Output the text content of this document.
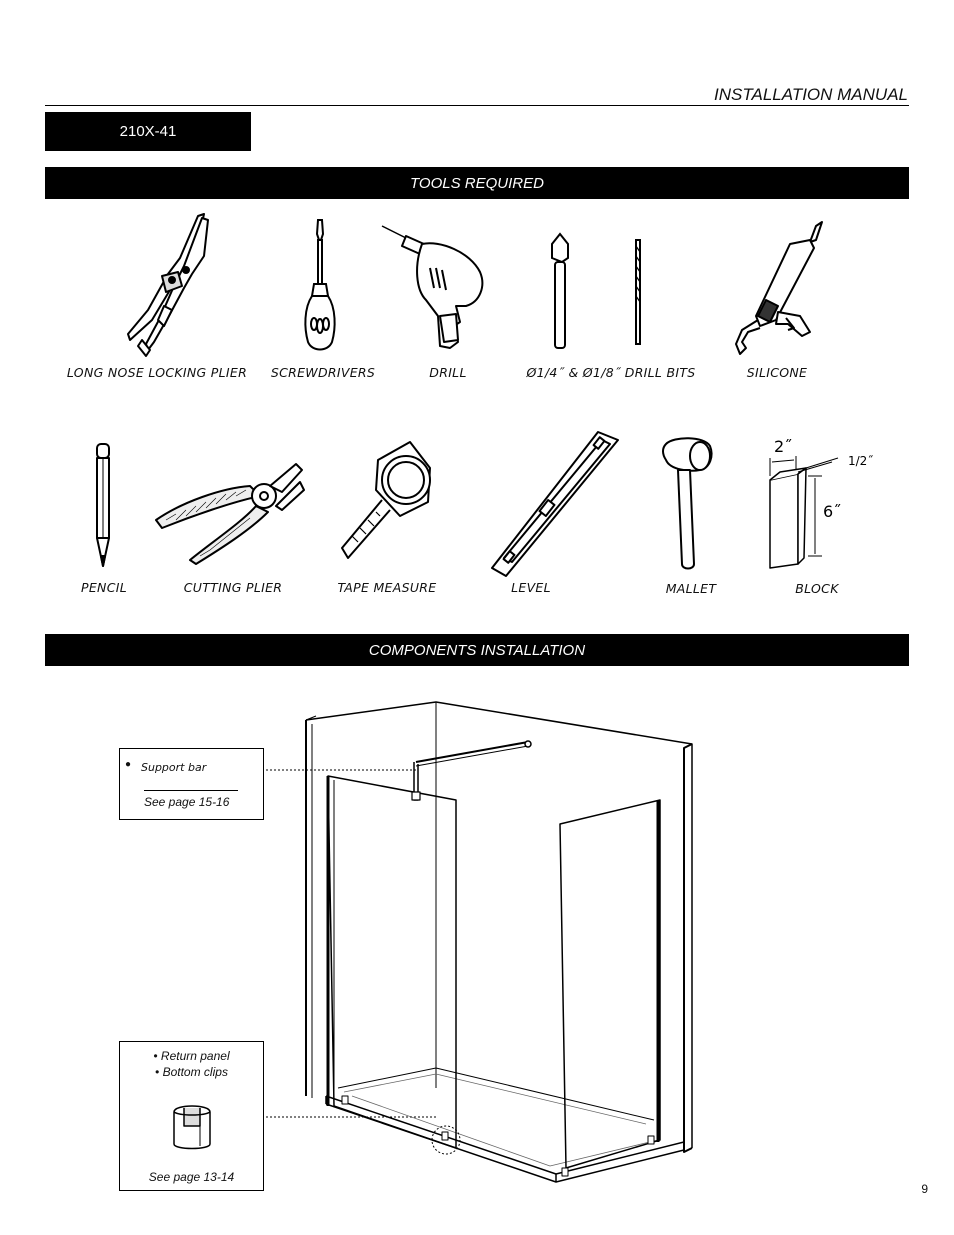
INSTALLATION MANUAL
210X-41
TOOLS REQUIRED
LONG NOSE LOCKING PLIER SCREWDRIVERS	DRILL	Ø1/4˝ & Ø1/8˝ DRILL BITS	SILICONE
2˝
1/2˝
6˝
PENCIL	CUTTING PLIER	TAPE MEASURE	LEVEL	MALLET	BLOCK
COMPONENTS INSTALLATION
● Support bar
See page 15-16
• Return panel
• Bottom clips
See page 13-14
9
